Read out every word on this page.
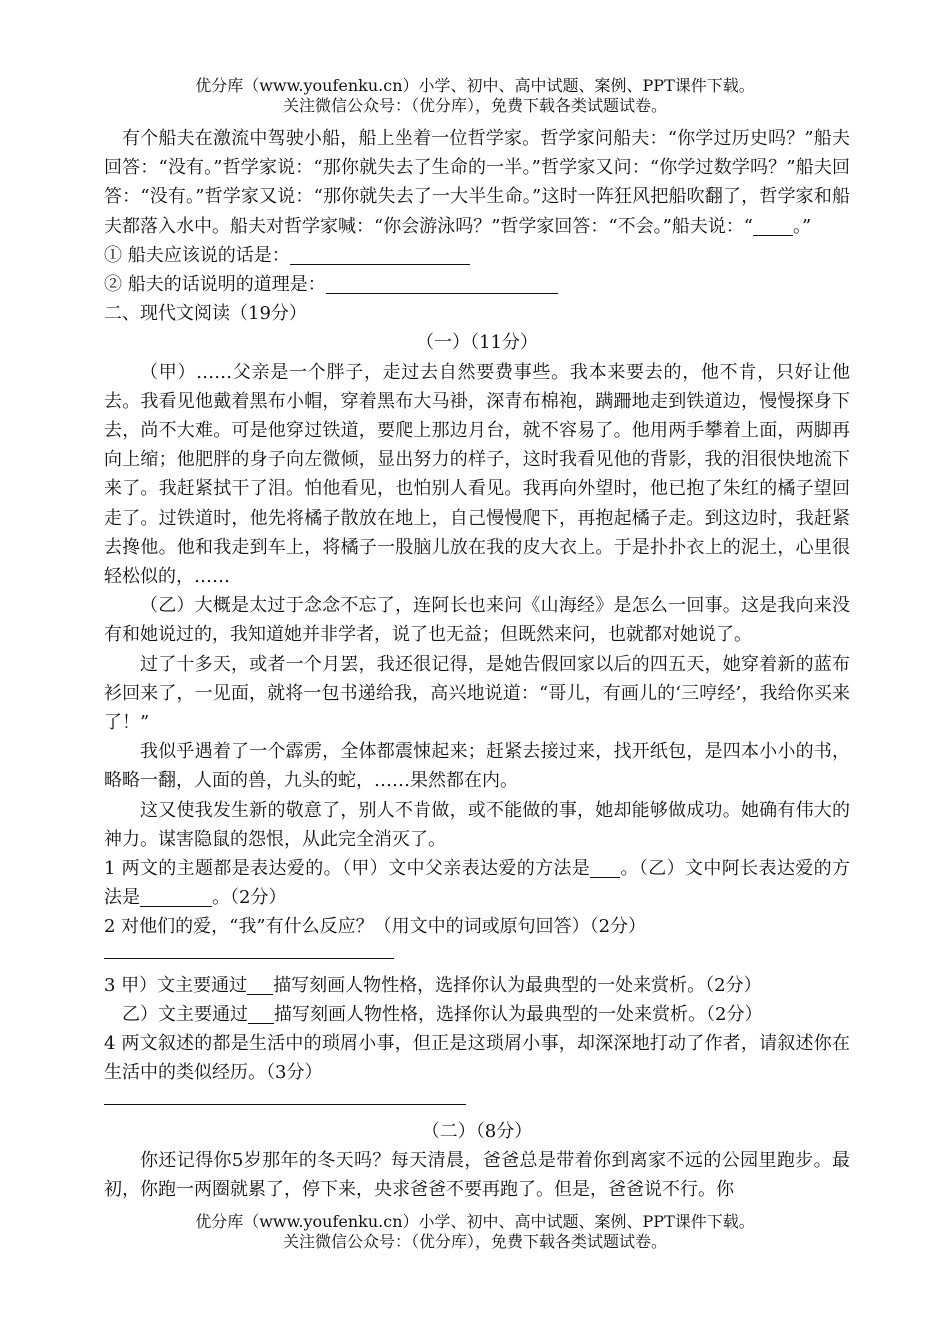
优分库（www.youfenku.cn）小学、初中、高中试题、案例、PPT课件下载。
关注微信公众号：（优分库），免费下载各类试题试卷。

有个船夫在激流中驾驶小船，船上坐着一位哲学家。哲学家问船夫：“你学过历史吗？”船夫回答：“没有。”哲学家说：“那你就失去了生命的一半。”哲学家又问：“你学过数学吗？”船夫回答：“没有。”哲学家又说：“那你就失去了一大半生命。”这时一阵狂风把船吹翻了，哲学家和船夫都落入水中。船夫对哲学家喊：“你会游泳吗？”哲学家回答：“不会。”船夫说：“ 。”

① 船夫应该说的话是：

② 船夫的话说明的道理是：

二、现代文阅读（19分）

（一）（11分）

（甲）……父亲是一个胖子，走过去自然要费事些。我本来要去的，他不肯，只好让他去。我看见他戴着黑布小帽，穿着黑布大马褂，深青布棉袍，蹒跚地走到铁道边，慢慢探身下去，尚不大难。可是他穿过铁道，要爬上那边月台，就不容易了。他用两手攀着上面，两脚再向上缩；他肥胖的身子向左微倾，显出努力的样子，这时我看见他的背影，我的泪很快地流下来了。我赶紧拭干了泪。怕他看见，也怕别人看见。我再向外望时，他已抱了朱红的橘子望回走了。过铁道时，他先将橘子散放在地上，自己慢慢爬下，再抱起橘子走。到这边时，我赶紧去搀他。他和我走到车上，将橘子一股脑儿放在我的皮大衣上。于是扑扑衣上的泥土，心里很轻松似的，……

（乙）大概是太过于念念不忘了，连阿长也来问《山海经》是怎么一回事。这是我向来没有和她说过的，我知道她并非学者，说了也无益；但既然来问，也就都对她说了。

过了十多天，或者一个月罢，我还很记得，是她告假回家以后的四五天，她穿着新的蓝布衫回来了，一见面，就将一包书递给我，高兴地说道：“哥儿，有画儿的‘三哼经’，我给你买来了！”

我似乎遇着了一个霹雳，全体都震悚起来；赶紧去接过来，找开纸包，是四本小小的书，略略一翻，人面的兽，九头的蛇，……果然都在内。

这又使我发生新的敬意了，别人不肯做，或不能做的事，她却能够做成功。她确有伟大的神力。谋害隐鼠的怨恨，从此完全消灭了。

1 两文的主题都是表达爱的。（甲）文中父亲表达爱的方法是 。（乙）文中阿长表达爱的方法是	。（2分）

2 对他们的爱，“我”有什么反应？（用文中的词或原句回答）（2分）

3 甲）文主要通过 描写刻画人物性格，选择你认为最典型的一处来赏析。（2分）

乙）文主要通过 描写刻画人物性格，选择你认为最典型的一处来赏析。（2分）

4 两文叙述的都是生活中的琐屑小事，但正是这琐屑小事，却深深地打动了作者，请叙述你在生活中的类似经历。（3分）

（二）（8分）

你还记得你5岁那年的冬天吗？每天清晨，爸爸总是带着你到离家不远的公园里跑步。最初，你跑一两圈就累了，停下来，央求爸爸不要再跑了。但是，爸爸说不行。你

优分库（www.youfenku.cn）小学、初中、高中试题、案例、PPT课件下载。
关注微信公众号：（优分库），免费下载各类试题试卷。
